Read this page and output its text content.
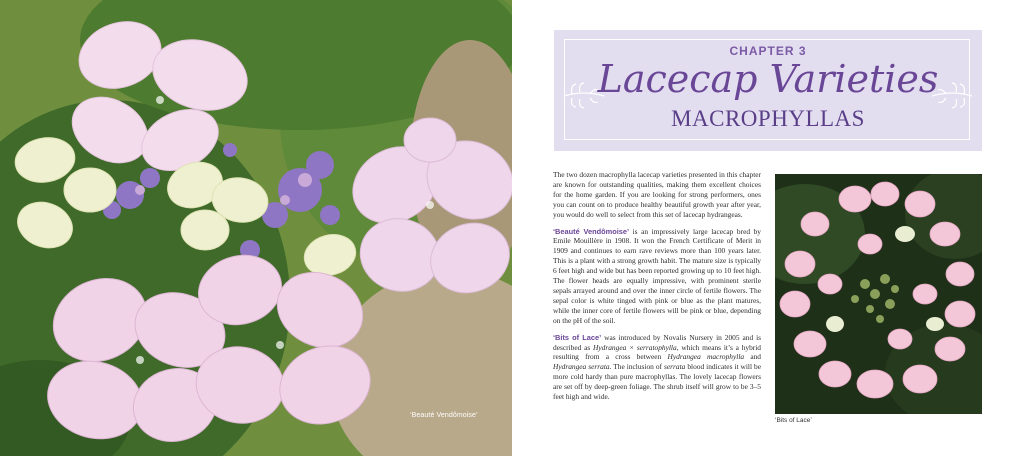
‘Beauté Vendômoise’
CHAPTER 3
Lacecap Varieties
MACROPHYLLAS

The two dozen macrophylla lacecap varieties presented in this chapter are known for outstanding qualities, making them excellent choices for the home garden. If you are looking for strong performers, ones you can count on to produce healthy beautiful growth year after year, you would do well to select from this set of lacecap hydrangeas.

‘Beauté Vendômoise’ is an impressively large lacecap bred by Emile Mouillère in 1908. It won the French Certificate of Merit in 1909 and continues to earn rave reviews more than 100 years later. This is a plant with a strong growth habit. The mature size is typically 6 feet high and wide but has been reported growing up to 10 feet high. The flower heads are equally impressive, with prominent sterile sepals arrayed around and over the inner circle of fertile flowers. The sepal color is white tinged with pink or blue as the plant matures, while the inner core of fertile flowers will be pink or blue, depending on the pH of the soil.

‘Bits of Lace’ was introduced by Novalis Nursery in 2005 and is described as Hydrangea × serratophylla, which means it’s a hybrid resulting from a cross between Hydrangea macrophylla and Hydrangea serrata. The inclusion of serrata blood indicates it will be more cold hardy than pure macrophyllas. The lovely lacecap flowers are set off by deep-green foliage. The shrub itself will grow to be 3–5 feet high and wide.

‘Bits of Lace’
